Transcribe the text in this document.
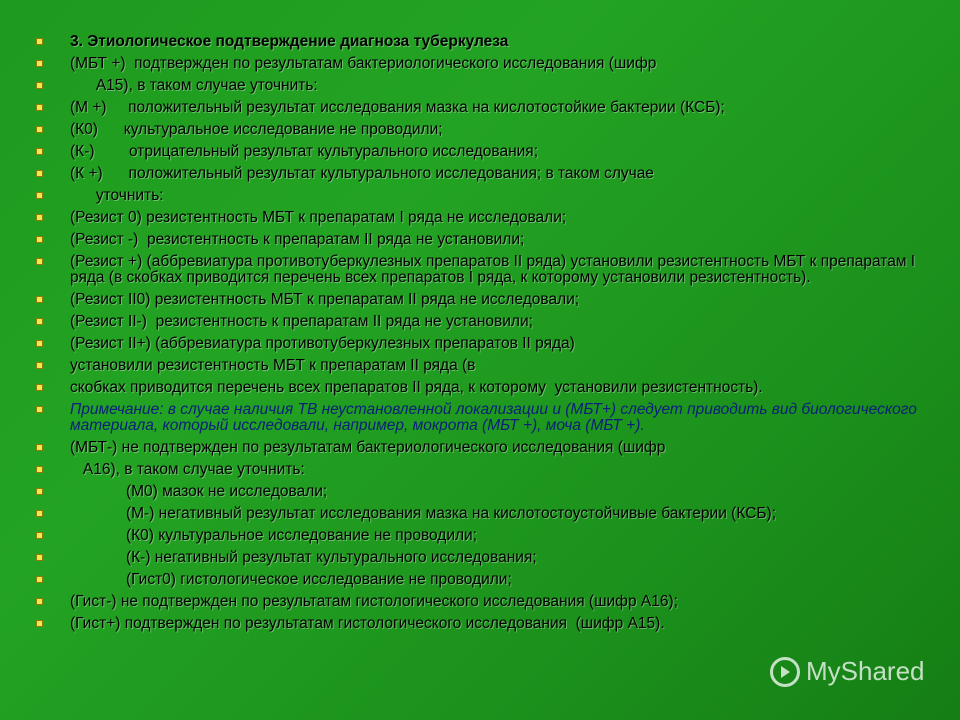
3. Этиологическое подтверждение диагноза туберкулеза
(МБТ +)  подтвержден по результатам бактериологического исследования (шифр
А15), в таком случае уточнить:
(М +)     положительный результат исследования мазка на кислотостойкие бактерии (КСБ);
(К0)      культуральное исследование не проводили;
(К-)        отрицательный результат культурального исследования;
(К +)      положительный результат культурального исследования; в таком случае
уточнить:
(Резист 0) резистентность МБТ к препаратам I ряда не исследовали;
(Резист -)  резистентность к препаратам II ряда не установили;
(Резист +) (аббревиатура противотуберкулезных препаратов II ряда) установили резистентность МБТ к препаратам I ряда (в скобках приводится перечень всех препаратов I ряда, к которому установили резистентность).
(Резист II0) резистентность МБТ к препаратам II ряда не исследовали;
(Резист II-)  резистентность к препаратам II ряда не установили;
(Резист II+) (аббревиатура противотуберкулезных препаратов II ряда)
установили резистентность МБТ к препаратам II ряда (в
скобках приводится перечень всех препаратов II ряда, к которому  установили резистентность).
Примечание: в случае наличия ТВ неустановленной локализации и (МБТ+) следует приводить вид биологического материала, который исследовали, например, мокрота (МБТ +), моча (МБТ +).
(МБТ-) не подтвержден по результатам бактериологического исследования (шифр
А16), в таком случае уточнить:
(М0) мазок не исследовали;
(М-) негативный результат исследования мазка на кислотостоустойчивые бактерии (КСБ);
(К0) культуральное исследование не проводили;
(К-) негативный результат культурального исследования;
(Гист0) гистологическое исследование не проводили;
(Гист-) не подтвержден по результатам гистологического исследования (шифр А16);
(Гист+) подтвержден по результатам гистологического исследования  (шифр А15).
MyShared
